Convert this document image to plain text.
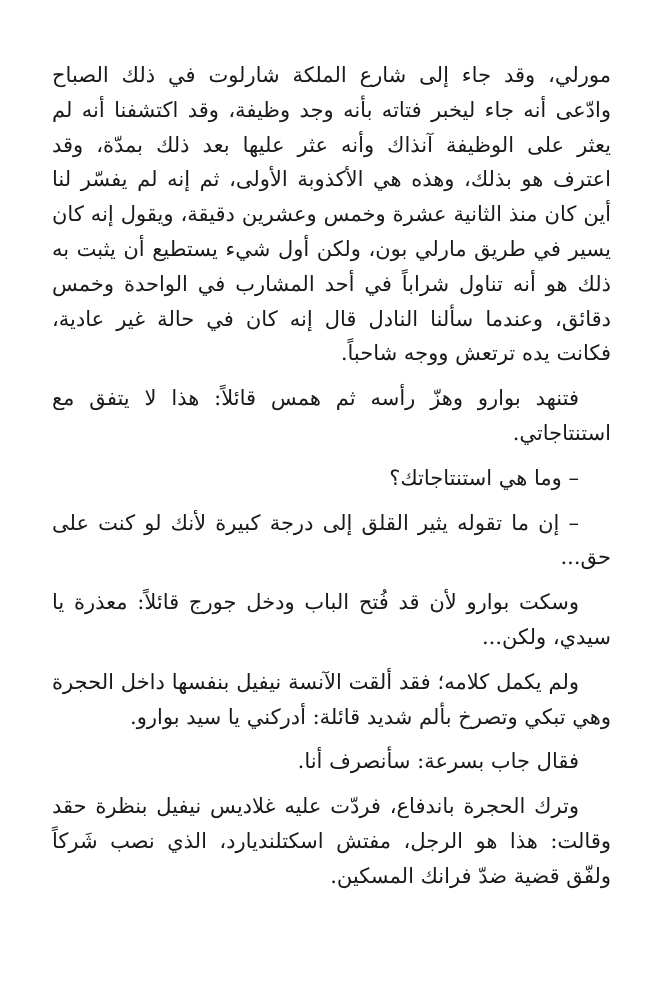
مورلي، وقد جاء إلى شارع الملكة شارلوت في ذلك الصباح وادّعى أنه جاء ليخبر فتاته بأنه وجد وظيفة، وقد اكتشفنا أنه لم يعثر على الوظيفة آنذاك وأنه عثر عليها بعد ذلك بمدّة، وقد اعترف هو بذلك، وهذه هي الأكذوبة الأولى، ثم إنه لم يفسّر لنا أين كان منذ الثانية عشرة وخمس وعشرين دقيقة، ويقول إنه كان يسير في طريق مارلي بون، ولكن أول شيء يستطيع أن يثبت به ذلك هو أنه تناول شراباً في أحد المشارب في الواحدة وخمس دقائق، وعندما سألنا النادل قال إنه كان في حالة غير عادية، فكانت يده ترتعش ووجه شاحباً.

فتنهد بوارو وهزّ رأسه ثم همس قائلاً: هذا لا يتفق مع استنتاجاتي.

– وما هي استنتاجاتك؟

– إن ما تقوله يثير القلق إلى درجة كبيرة لأنك لو كنت على حق...

وسكت بوارو لأن قد فُتح الباب ودخل جورج قائلاً: معذرة يا سيدي، ولكن...

ولم يكمل كلامه؛ فقد ألقت الآنسة نيفيل بنفسها داخل الحجرة وهي تبكي وتصرخ بألم شديد قائلة: أدركني يا سيد بوارو.

فقال جاب بسرعة: سأنصرف أنا.

وترك الحجرة باندفاع، فردّت عليه غلاديس نيفيل بنظرة حقد وقالت: هذا هو الرجل، مفتش اسكتلنديارد، الذي نصب شَركاً ولفّق قضية ضدّ فرانك المسكين.
